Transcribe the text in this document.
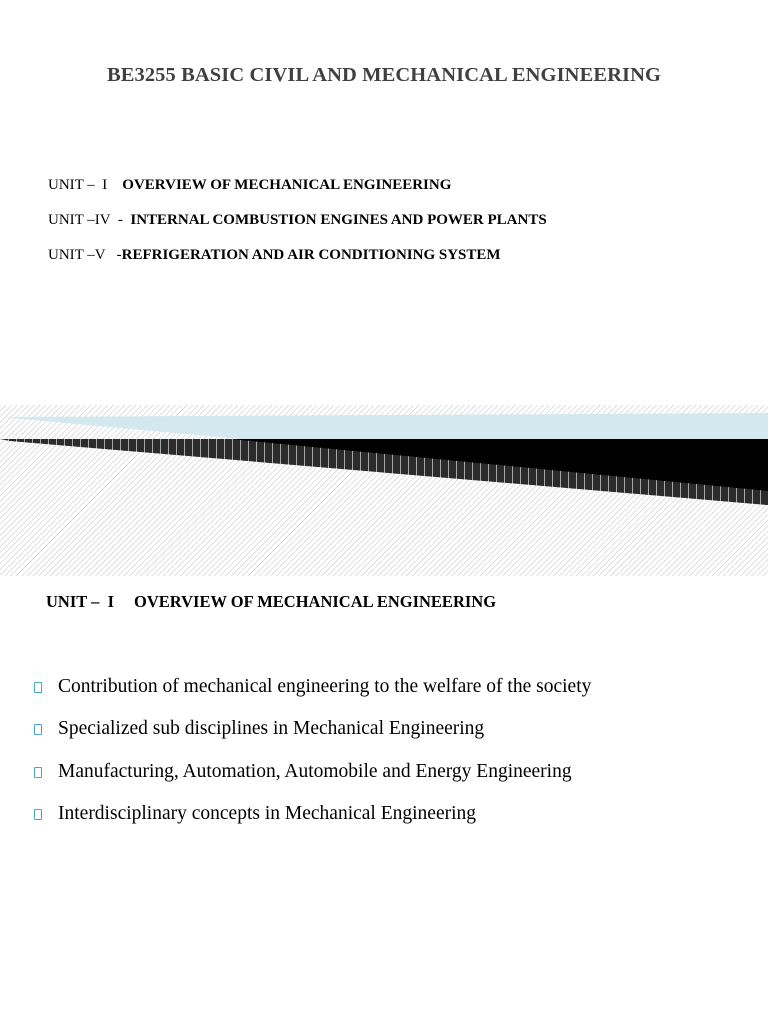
BE3255 BASIC CIVIL AND MECHANICAL ENGINEERING
UNIT –  I    OVERVIEW OF MECHANICAL ENGINEERING
UNIT –IV  -  INTERNAL COMBUSTION ENGINES AND POWER PLANTS
UNIT –V   -REFRIGERATION AND AIR CONDITIONING SYSTEM
UNIT –  I OVERVIEW OF MECHANICAL ENGINEERING
Contribution of mechanical engineering to the welfare of the society
Specialized sub disciplines in Mechanical Engineering
Manufacturing, Automation, Automobile and Energy Engineering
Interdisciplinary concepts in Mechanical Engineering
